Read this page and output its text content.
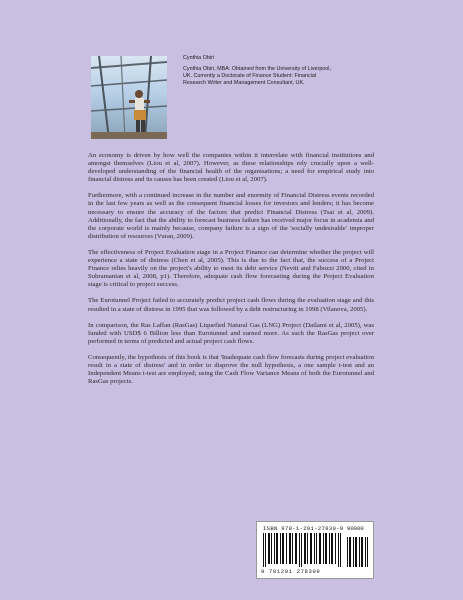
Cynthia Obiri
Cynthia Obiri, MBA: Obtained from the University of Liverpool, UK. Currently a Doctorate of Finance Student: Financial Research Writer and Management Consultant, UK.

An economy is driven by how well the companies within it interrelate with financial institutions and amongst themselves (Liou et al, 2007). However, as these relationships rely crucially upon a well-developed understanding of the financial health of the organisations; a need for empirical study into financial distress and its causes has been created (Liou et al, 2007).

Furthermore, with a continued increase in the number and enormity of Financial Distress events recorded in the last few years as well as the consequent financial losses for investors and lenders; it has become necessary to ensure the accuracy of the factors that predict Financial Distress (Tsai et al, 2009). Additionally, the fact that the ability to forecast business failure has received major focus in academia and the corporate world is mainly because, company failure is a sign of the 'socially undesirable' improper distribution of resources (Vuran, 2009).

The effectiveness of Project Evaluation stage in a Project Finance can determine whether the project will experience a state of distress (Chen et al, 2005). This is due to the fact that, the success of a Project Finance relies heavily on the project's ability to meet its debt service (Nevitt and Fabozzi 2000, cited in Subramanian et al, 2008, p1). Therefore, adequate cash flow forecasting during the Project Evaluation stage is critical to project success.

The Eurotunnel Project failed to accurately predict project cash flows during the evaluation stage and this resulted in a state of distress in 1995 that was followed by a debt restructuring in 1998 (Vilanova, 2005).

In comparison, the Ras Laffan (RasGas) Liquefied Natural Gas (LNG) Project (Dailami et al, 2005), was funded with USD$ 6 Billion less than Eurotunnel and earned more. As such the RasGas project over performed in terms of predicted and actual project cash flows.

Consequently, the hypothesis of this book is that 'Inadequate cash flow forecasts during project evaluation result in a state of distress' and in order to disprove the null hypothesis, a one sample t-test and an Independent Means t-test are employed; using the Cash Flow Variance Means of both the Eurotunnel and RasGas projects.

ISBN 978-1-291-27830-9 90000
9 781291 278309
